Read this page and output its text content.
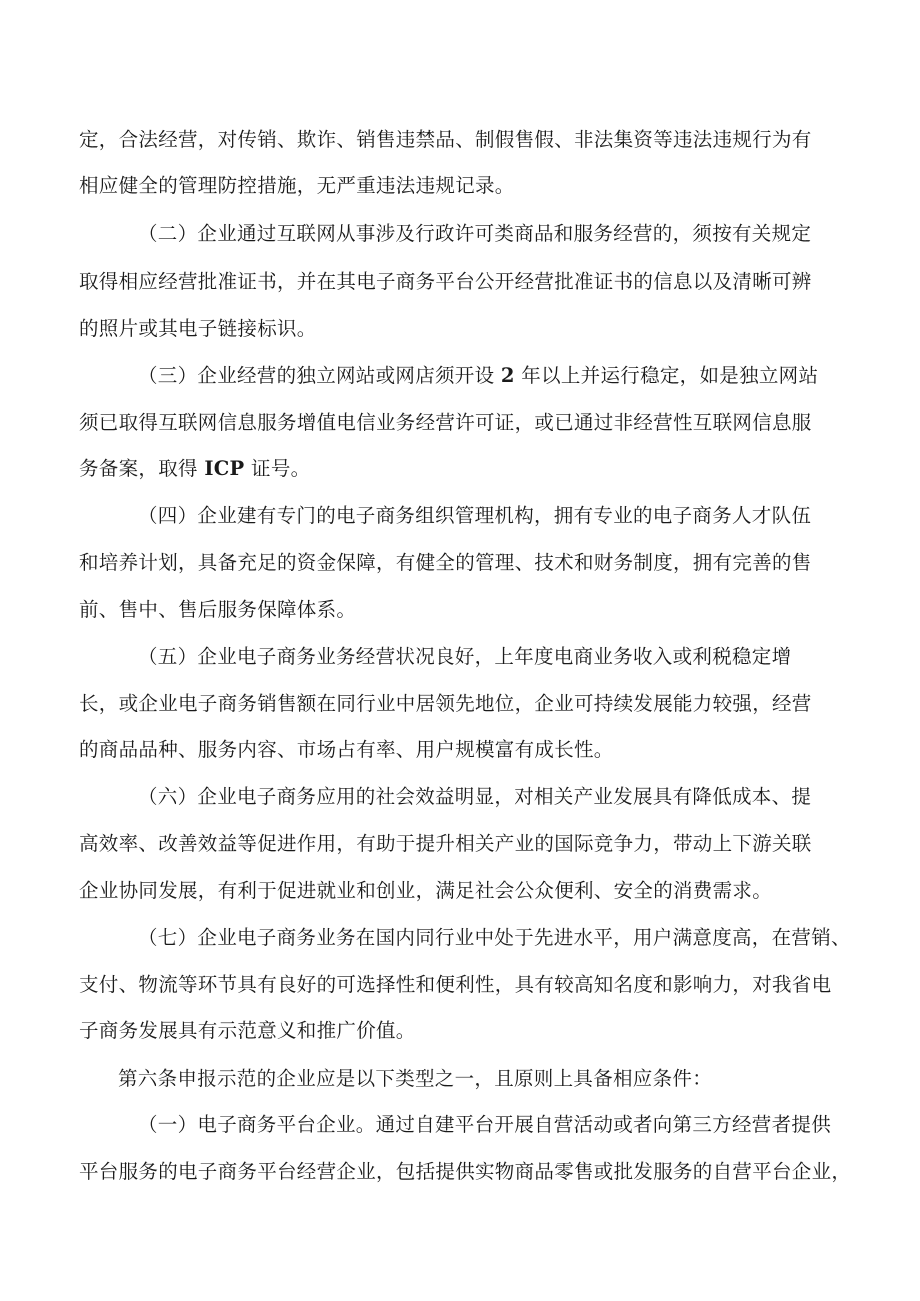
定，合法经营，对传销、欺诈、销售违禁品、制假售假、非法集资等违法违规行为有
相应健全的管理防控措施，无严重违法违规记录。
（二）企业通过互联网从事涉及行政许可类商品和服务经营的，须按有关规定
取得相应经营批准证书，并在其电子商务平台公开经营批准证书的信息以及清晰可辨
的照片或其电子链接标识。
（三）企业经营的独立网站或网店须开设 2 年以上并运行稳定，如是独立网站
须已取得互联网信息服务增值电信业务经营许可证，或已通过非经营性互联网信息服
务备案，取得 ICP 证号。
（四）企业建有专门的电子商务组织管理机构，拥有专业的电子商务人才队伍
和培养计划，具备充足的资金保障，有健全的管理、技术和财务制度，拥有完善的售
前、售中、售后服务保障体系。
（五）企业电子商务业务经营状况良好，上年度电商业务收入或利税稳定增
长，或企业电子商务销售额在同行业中居领先地位，企业可持续发展能力较强，经营
的商品品种、服务内容、市场占有率、用户规模富有成长性。
（六）企业电子商务应用的社会效益明显，对相关产业发展具有降低成本、提
高效率、改善效益等促进作用，有助于提升相关产业的国际竞争力，带动上下游关联
企业协同发展，有利于促进就业和创业，满足社会公众便利、安全的消费需求。
（七）企业电子商务业务在国内同行业中处于先进水平，用户满意度高，在营销、
支付、物流等环节具有良好的可选择性和便利性，具有较高知名度和影响力，对我省电
子商务发展具有示范意义和推广价值。
第六条申报示范的企业应是以下类型之一，且原则上具备相应条件：
（一）电子商务平台企业。通过自建平台开展自营活动或者向第三方经营者提供
平台服务的电子商务平台经营企业，包括提供实物商品零售或批发服务的自营平台企业，
